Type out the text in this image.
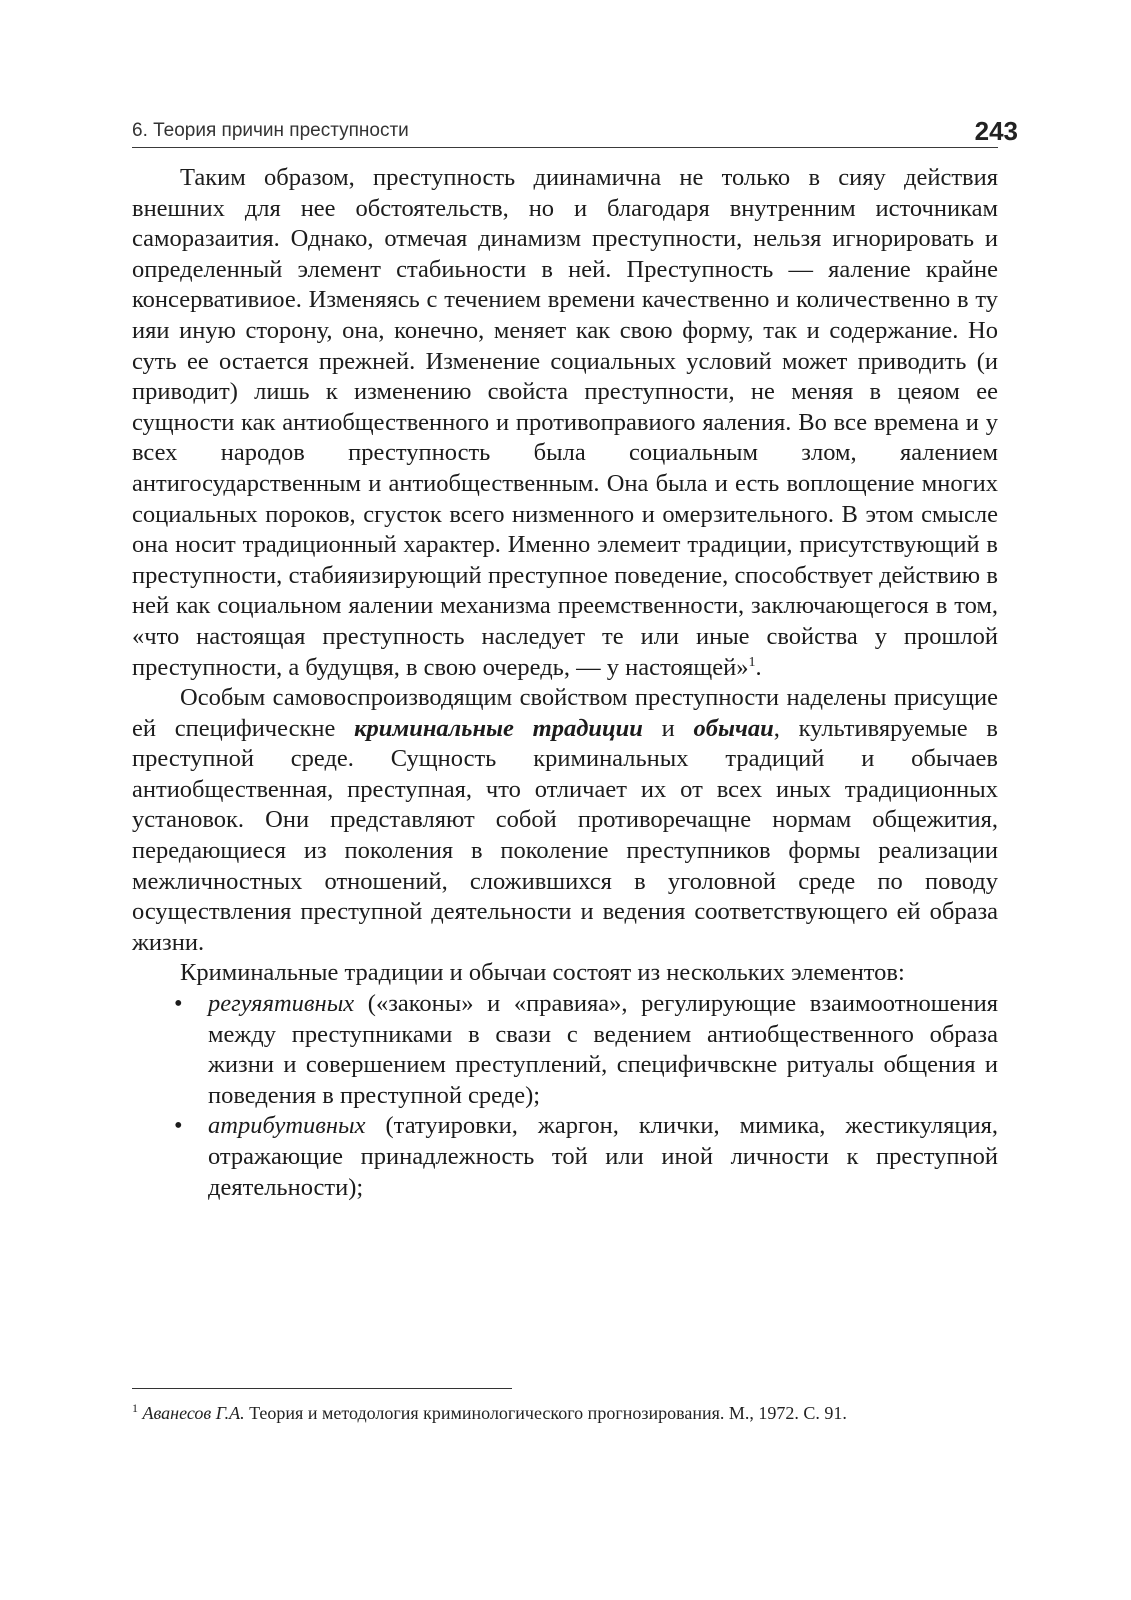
6. Теория причин преступности	243

Таким образом, преступность диинамична не только в сияу действия внешних для нее обстоятельств, но и благодаря внутренним источникам саморазаития. Однако, отмечая динамизм преступности, нельзя игнорировать и определенный элемент стабиьности в ней. Преступность — яаление крайне консервативиое. Изменяясь с течением времени качественно и количественно в ту ияи иную сторону, она, конечно, меняет как свою форму, так и содержание. Но суть ее остается прежней. Изменение социальных условий может приводить (и приводит) лишь к изменению свойста преступности, не меняя в цеяом ее сущности как антиобщественного и противоправиого яаления. Во все времена и у всех народов преступность была социальным злом, яалением антигосударственным и антиобщественным. Она была и есть воплощение многих социальных пороков, сгусток всего низменного и омерзительного. В этом смысле она носит традиционный характер. Именно элемеит традиции, присутствующий в преступности, стабияизирующий преступное поведение, способствует действию в ней как социальном яалении механизма преемственности, заключающегося в том, «что настоящая преступность наследует те или иные свойства у прошлой преступности, а будущвя, в свою очередь, — у настоящей»$^1$.

Особым самовоспроизводящим свойством преступности наделены присущие ей специфическне криминальные традиции и обычаи, культивяруемые в преступной среде. Сущность криминальных традиций и обычаев антиобщественная, преступная, что отличает их от всех иных традиционных установок. Они представляют собой противоречащне нормам общежития, передающиеся из поколения в поколение преступников формы реализации межличностных отношений, сложившихся в уголовной среде по поводу осуществления преступной деятельности и ведения соответствующего ей образа жизни.

Криминальные традиции и обычаи состоят из нескольких элементов:

• регуяятивных («законы» и «правияа», регулирующие взаимоотношения между преступниками в свази с ведением антиобщественного образа жизни и совершением преступлений, специфичвскне ритуалы общения и поведения в преступной среде);
• атрибутивных (татуировки, жаргон, клички, мимика, жестикуляция, отражающие принадлежность той или иной личности к преступной деятельности);
$^1$ Аванесов Г.А. Теория и методология криминологического прогнозирования. М., 1972. С. 91.
